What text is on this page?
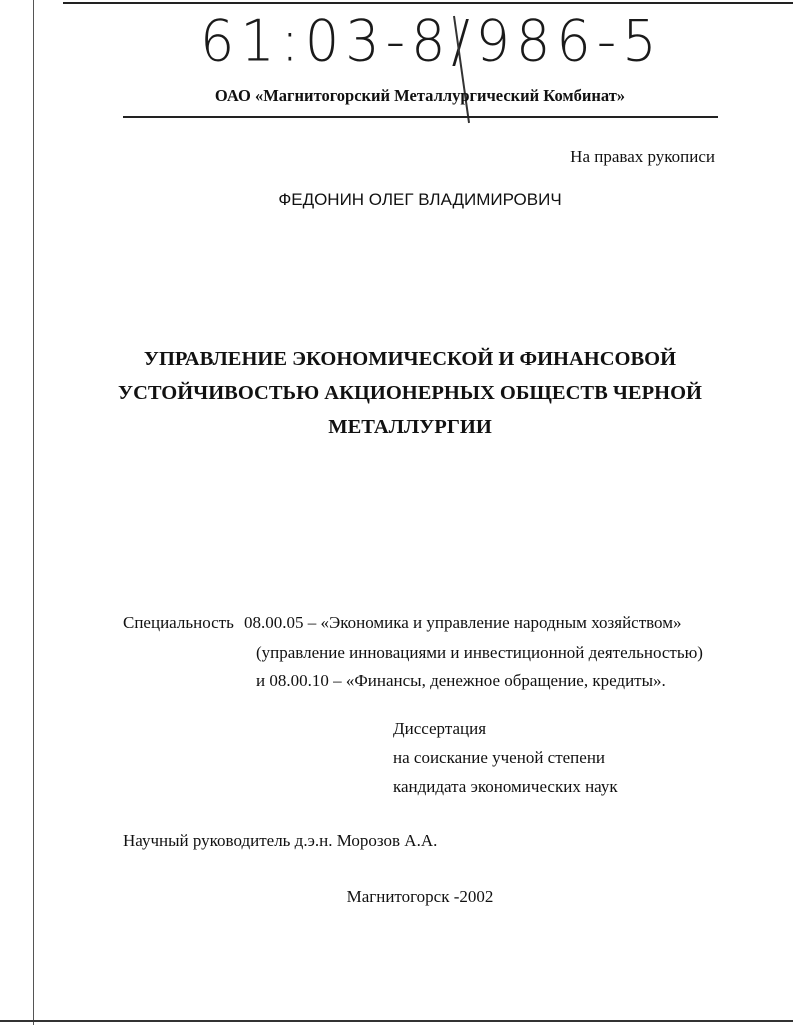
61:03-8/986-5
ОАО «Магнитогорский Металлургический Комбинат»
На правах рукописи
ФЕДОНИН ОЛЕГ ВЛАДИМИРОВИЧ
УПРАВЛЕНИЕ ЭКОНОМИЧЕСКОЙ И ФИНАНСОВОЙ
УСТОЙЧИВОСТЬЮ АКЦИОНЕРНЫХ ОБЩЕСТВ ЧЕРНОЙ
МЕТАЛЛУРГИИ
Специальность 08.00.05 – «Экономика и управление народным хозяйством»
(управление инновациями и инвестиционной деятельностью)
и 08.00.10 – «Финансы, денежное обращение, кредиты».
Диссертация
на соискание ученой степени
кандидата экономических наук
Научный руководитель д.э.н. Морозов А.А.
Магнитогорск -2002
